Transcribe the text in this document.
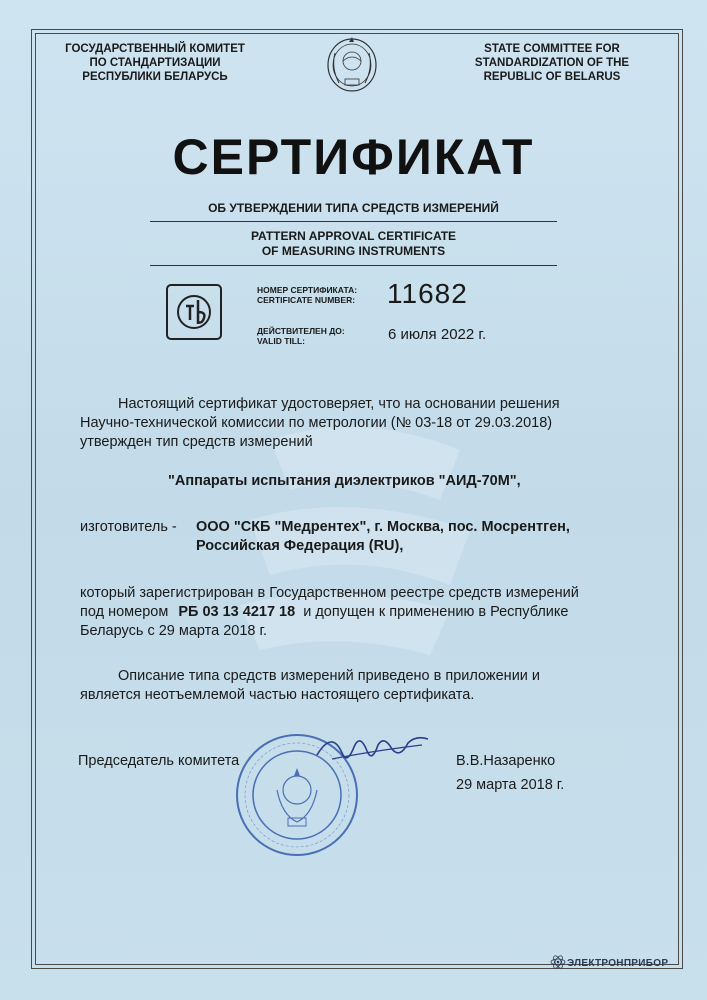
ГОСУДАРСТВЕННЫЙ КОМИТЕТ
ПО СТАНДАРТИЗАЦИИ
РЕСПУБЛИКИ БЕЛАРУСЬ
STATE COMMITTEE FOR
STANDARDIZATION OF THE
REPUBLIC OF BELARUS
СЕРТИФИКАТ
ОБ УТВЕРЖДЕНИИ ТИПА СРЕДСТВ ИЗМЕРЕНИЙ
PATTERN APPROVAL CERTIFICATE
OF MEASURING INSTRUMENTS
НОМЕР СЕРТИФИКАТА:
CERTIFICATE NUMBER: 11682
ДЕЙСТВИТЕЛЕН ДО:
VALID TILL:	6 июля 2022 г.
Настоящий сертификат удостоверяет, что на основании решения
Научно-технической комиссии по метрологии (№ 03-18 от 29.03.2018)
утвержден тип средств измерений
"Аппараты испытания диэлектриков "АИД-70М",
изготовитель - ООО "СКБ "Медрентех", г. Москва, пос. Мосрентген,
Российская Федерация (RU),
который зарегистрирован в Государственном реестре средств измерений
под номером РБ 03 13 4217 18 и допущен к применению в Республике
Беларусь с 29 марта 2018 г.
Описание типа средств измерений приведено в приложении и
является неотъемлемой частью настоящего сертификата.
Председатель комитета	В.В.Назаренко
29 марта 2018 г.
ЭЛЕКТРОНПРИБОР
